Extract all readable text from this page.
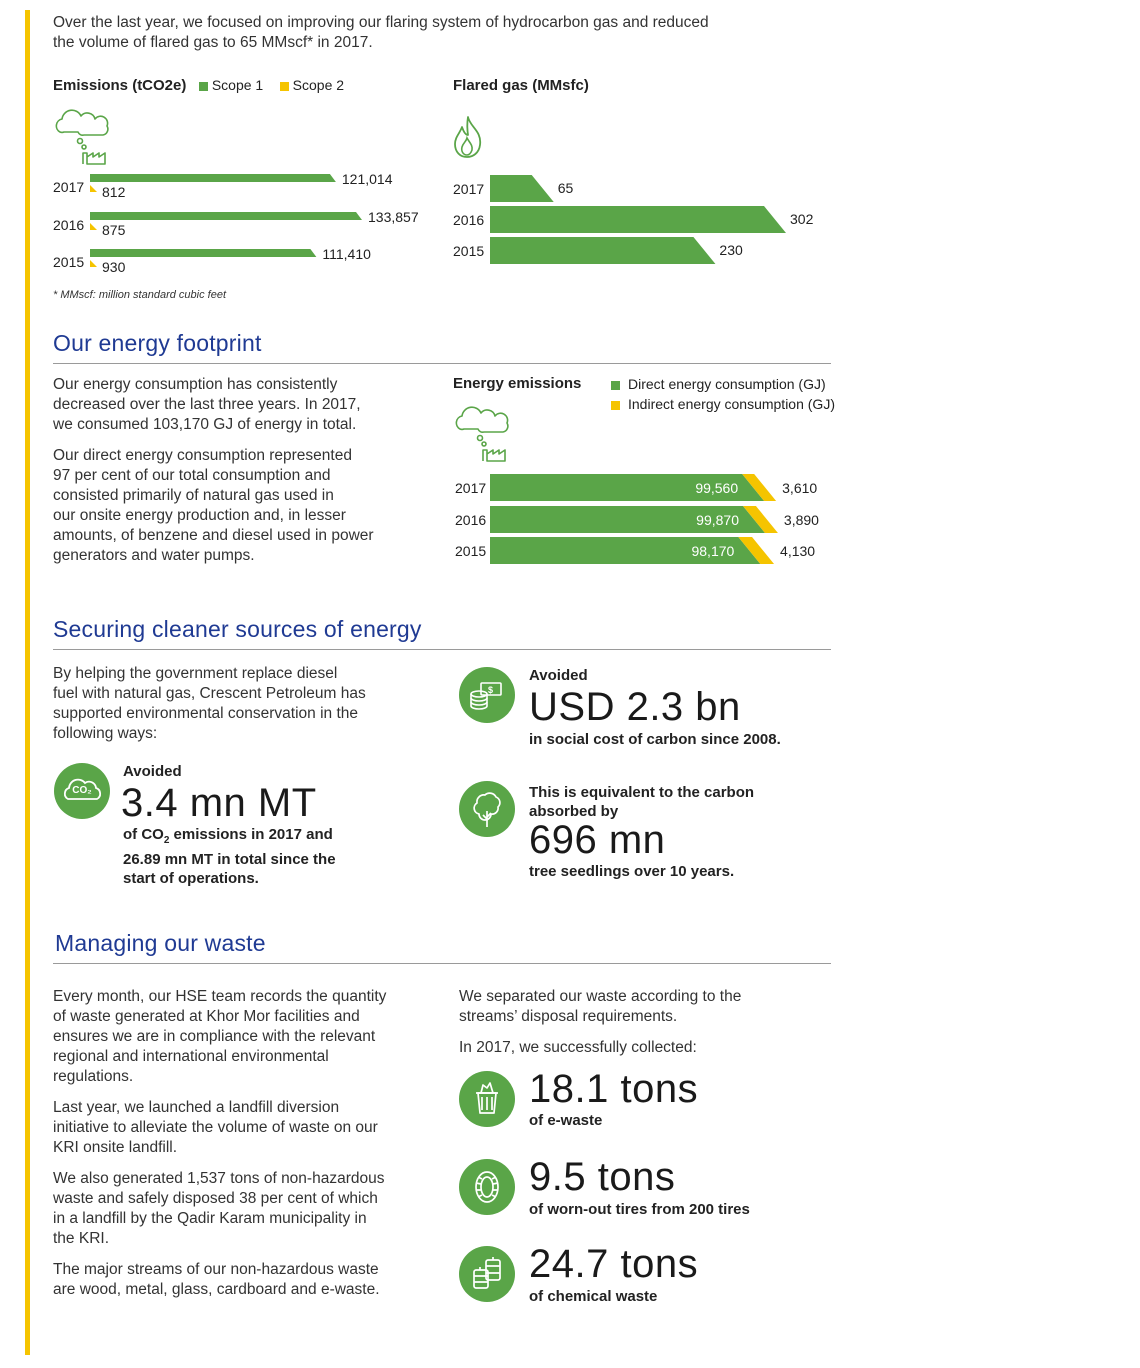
Over the last year, we focused on improving our flaring system of hydrocarbon gas and reduced
the volume of flared gas to 65 MMscf* in 2017.
Emissions (tCO2e) Scope 1 Scope 2
2017	121,014
812
2016	133,857
875
2015	111,410
930
* MMscf: million standard cubic feet
Flared gas (MMsfc)
2017	65
2016	302
2015	230
Our energy footprint
Our energy consumption has consistently
decreased over the last three years. In 2017,
we consumed 103,170 GJ of energy in total.
Our direct energy consumption represented
97 per cent of our total consumption and
consisted primarily of natural gas used in
our onsite energy production and, in lesser
amounts, of benzene and diesel used in power
generators and water pumps.
Energy emissions	Direct energy consumption (GJ)
Indirect energy consumption (GJ)
2017	99,560	3,610
2016	99,870	3,890
2015	98,170	4,130
Securing cleaner sources of energy
By helping the government replace diesel
fuel with natural gas, Crescent Petroleum has
supported environmental conservation in the
following ways:
CO₂
Avoided
3.4 mn MT
of $CO_2$ emissions in 2017 and
26.89 mn MT in total since the
start of operations.
$
Avoided
USD 2.3 bn
in social cost of carbon since 2008.
This is equivalent to the carbon
absorbed by
696 mn
tree seedlings over 10 years.
Managing our waste
Every month, our HSE team records the quantity
of waste generated at Khor Mor facilities and
ensures we are in compliance with the relevant
regional and international environmental
regulations.
Last year, we launched a landfill diversion
initiative to alleviate the volume of waste on our
KRI onsite landfill.
We also generated 1,537 tons of non-hazardous
waste and safely disposed 38 per cent of which
in a landfill by the Qadir Karam municipality in
the KRI.
The major streams of our non-hazardous waste
are wood, metal, glass, cardboard and e-waste.
We separated our waste according to the
streams’ disposal requirements.
In 2017, we successfully collected:
18.1 tons
of e-waste
9.5 tons
of worn-out tires from 200 tires
24.7 tons
of chemical waste
